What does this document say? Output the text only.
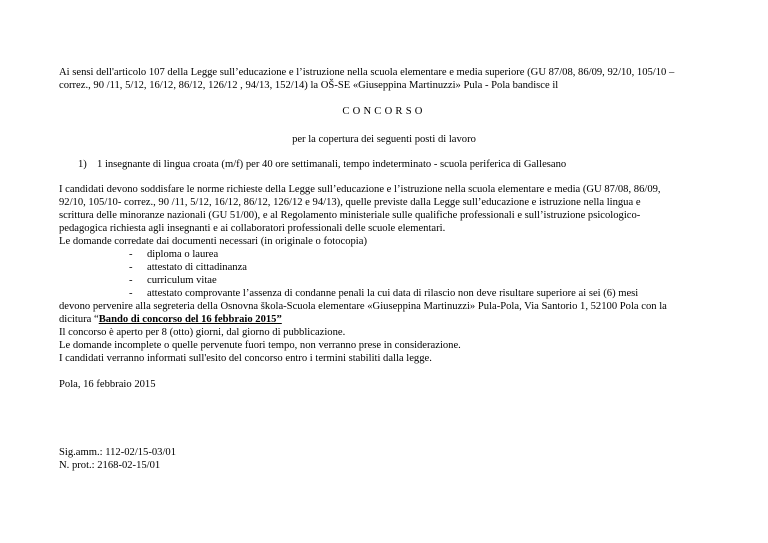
Ai sensi dell'articolo 107 della Legge sull’educazione e l’istruzione nella scuola elementare e media superiore (GU 87/08, 86/09, 92/10, 105/10 –

correz., 90 /11, 5/12, 16/12, 86/12, 126/12 , 94/13, 152/14) la OŠ-SE «Giuseppina Martinuzzi» Pula - Pola bandisce il

CONCORSO

per la copertura dei seguenti posti di lavoro

1) 1 insegnante di lingua croata (m/f) per 40 ore settimanali, tempo indeterminato - scuola periferica di Gallesano

I candidati devono soddisfare le norme richieste della Legge sull’educazione e l’istruzione nella scuola elementare e media (GU 87/08, 86/09,

92/10, 105/10- correz., 90 /11, 5/12, 16/12, 86/12, 126/12 e 94/13), quelle previste dalla Legge sull’educazione e istruzione nella lingua e

scrittura delle minoranze nazionali (GU 51/00), e al Regolamento ministeriale sulle qualifiche professionali e sull’istruzione psicologico-

pedagogica richiesta agli insegnanti e ai collaboratori professionali delle scuole elementari.

Le domande corredate dai documenti necessari (in originale o fotocopia)

- diploma o laurea
- attestato di cittadinanza
- curriculum vitae
- attestato comprovante l’assenza di condanne penali la cui data di rilascio non deve risultare superiore ai sei (6) mesi

devono pervenire alla segreteria della Osnovna škola-Scuola elementare «Giuseppina Martinuzzi» Pula-Pola, Via Santorio 1, 52100 Pola con la

dicitura “Bando di concorso del 16 febbraio 2015”

Il concorso è aperto per 8 (otto) giorni, dal giorno di pubblicazione.

Le domande incomplete o quelle pervenute fuori tempo, non verranno prese in considerazione.

I candidati verranno informati sull'esito del concorso entro i termini stabiliti dalla legge.

Pola, 16 febbraio 2015

Sig.amm.: 112-02/15-03/01

N. prot.: 2168-02-15/01
